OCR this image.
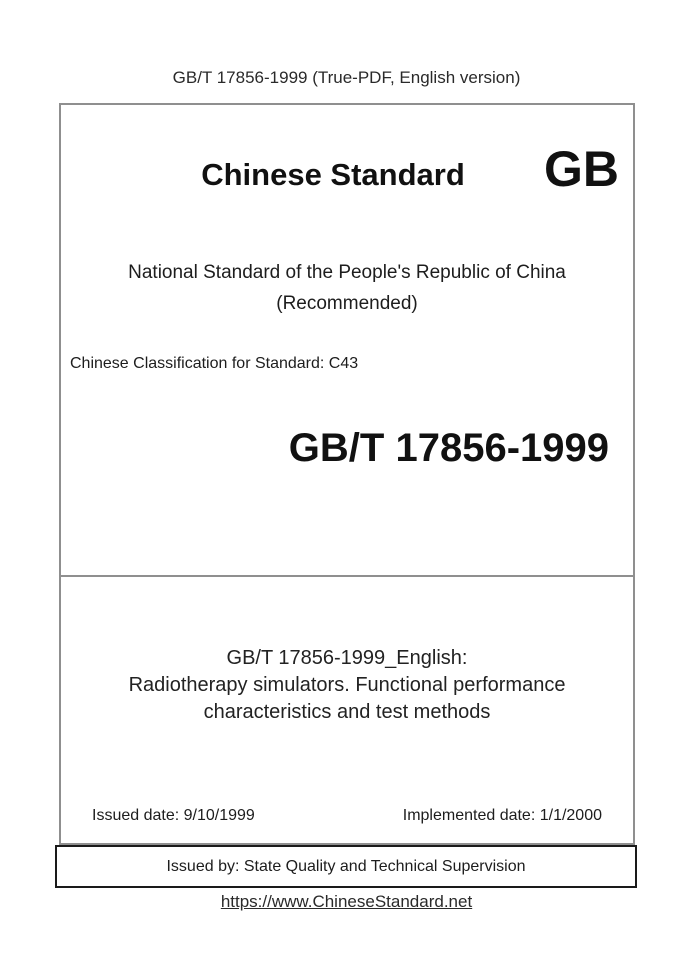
GB/T 17856-1999 (True-PDF, English version)
Chinese Standard	GB
National Standard of the People's Republic of China
(Recommended)
Chinese Classification for Standard: C43
GB/T 17856-1999
GB/T 17856-1999_English:
Radiotherapy simulators. Functional performance
characteristics and test methods
Issued date: 9/10/1999	Implemented date: 1/1/2000
Issued by: State Quality and Technical Supervision
https://www.ChineseStandard.net
